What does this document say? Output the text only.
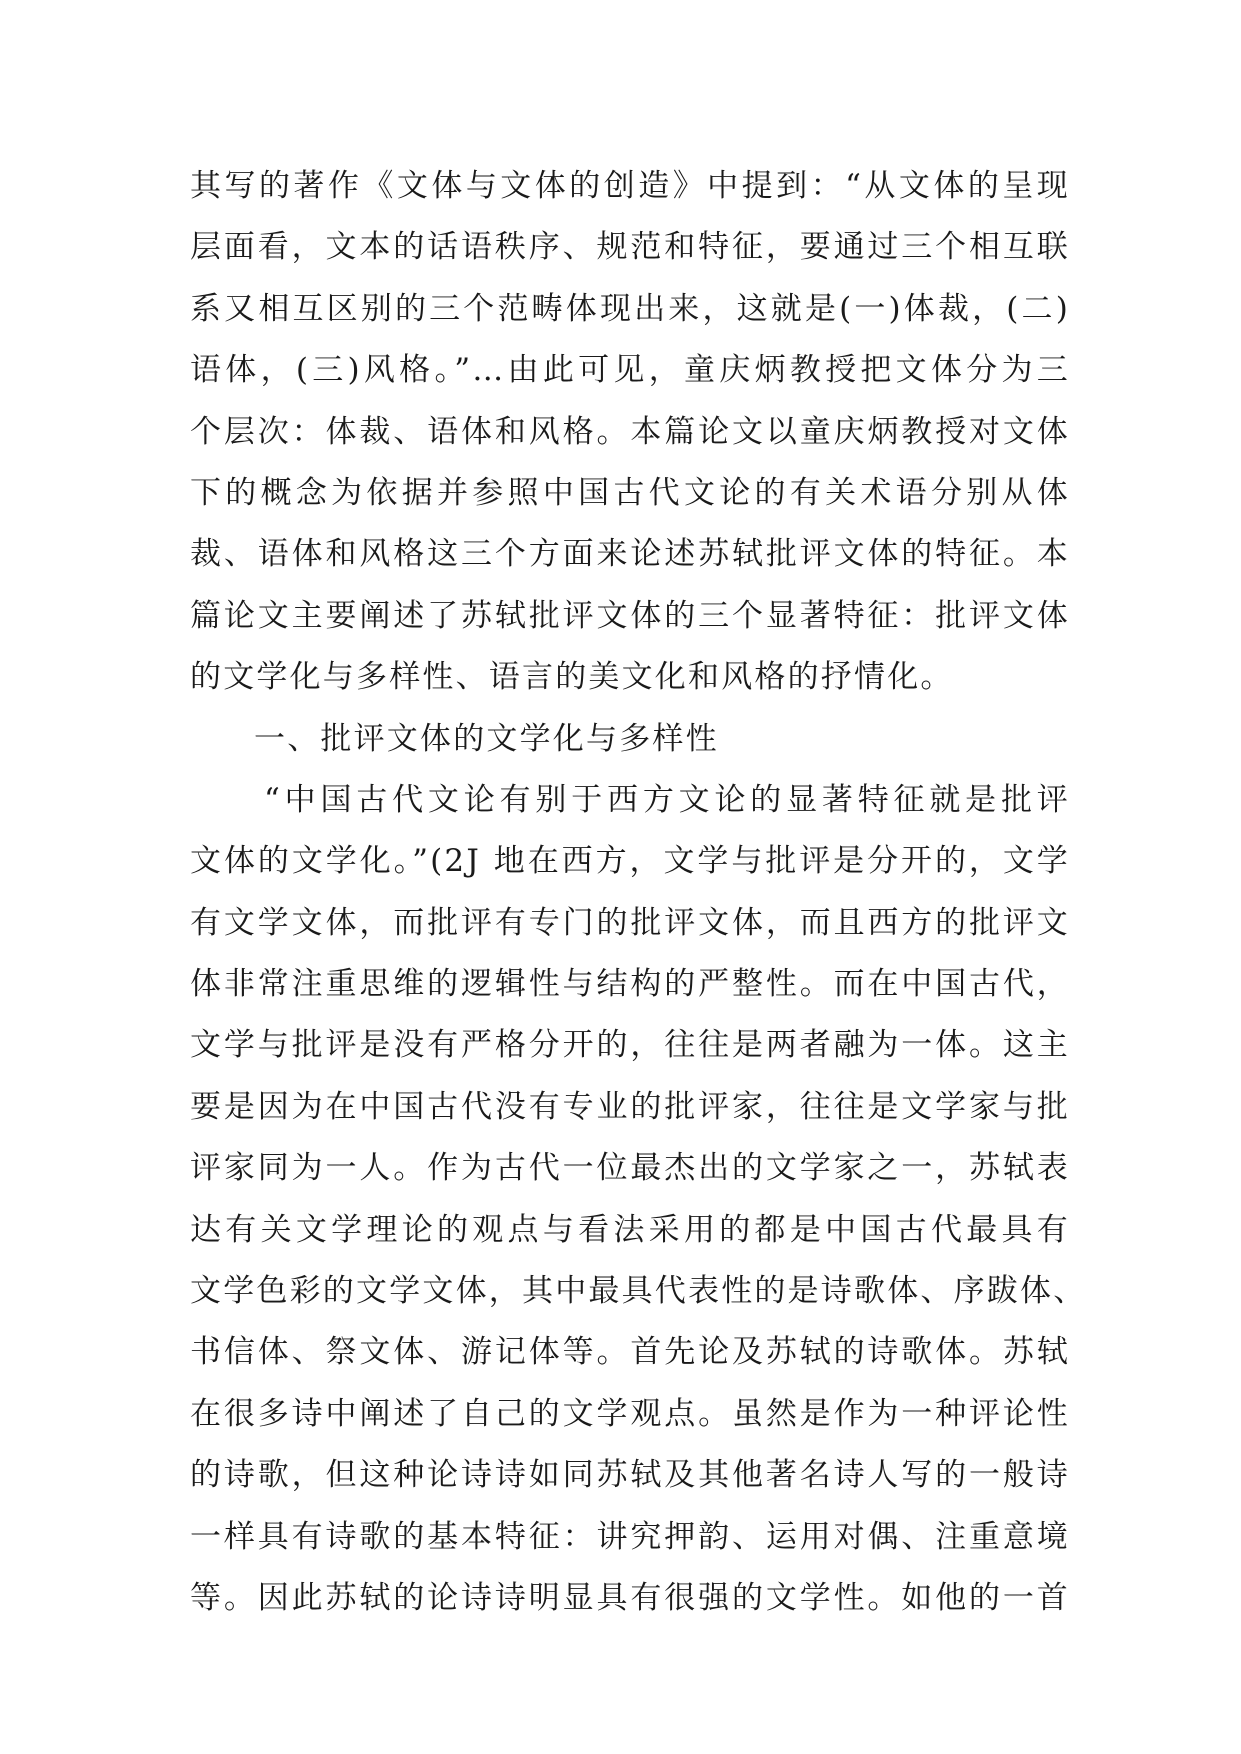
其写的著作《文体与文体的创造》中提到：“从文体的呈现
层面看，文本的话语秩序、规范和特征，要通过三个相互联
系又相互区别的三个范畴体现出来，这就是(一)体裁，(二)
语体，(三)风格。”…由此可见，童庆炳教授把文体分为三
个层次：体裁、语体和风格。本篇论文以童庆炳教授对文体
下的概念为依据并参照中国古代文论的有关术语分别从体
裁、语体和风格这三个方面来论述苏轼批评文体的特征。本
篇论文主要阐述了苏轼批评文体的三个显著特征：批评文体
的文学化与多样性、语言的美文化和风格的抒情化。
一、批评文体的文学化与多样性
“中国古代文论有别于西方文论的显著特征就是批评
文体的文学化。”(2J 地在西方，文学与批评是分开的，文学
有文学文体，而批评有专门的批评文体，而且西方的批评文
体非常注重思维的逻辑性与结构的严整性。而在中国古代，
文学与批评是没有严格分开的，往往是两者融为一体。这主
要是因为在中国古代没有专业的批评家，往往是文学家与批
评家同为一人。作为古代一位最杰出的文学家之一，苏轼表
达有关文学理论的观点与看法采用的都是中国古代最具有
文学色彩的文学文体，其中最具代表性的是诗歌体、序跋体、
书信体、祭文体、游记体等。首先论及苏轼的诗歌体。苏轼
在很多诗中阐述了自己的文学观点。虽然是作为一种评论性
的诗歌，但这种论诗诗如同苏轼及其他著名诗人写的一般诗
一样具有诗歌的基本特征：讲究押韵、运用对偶、注重意境
等。因此苏轼的论诗诗明显具有很强的文学性。如他的一首
